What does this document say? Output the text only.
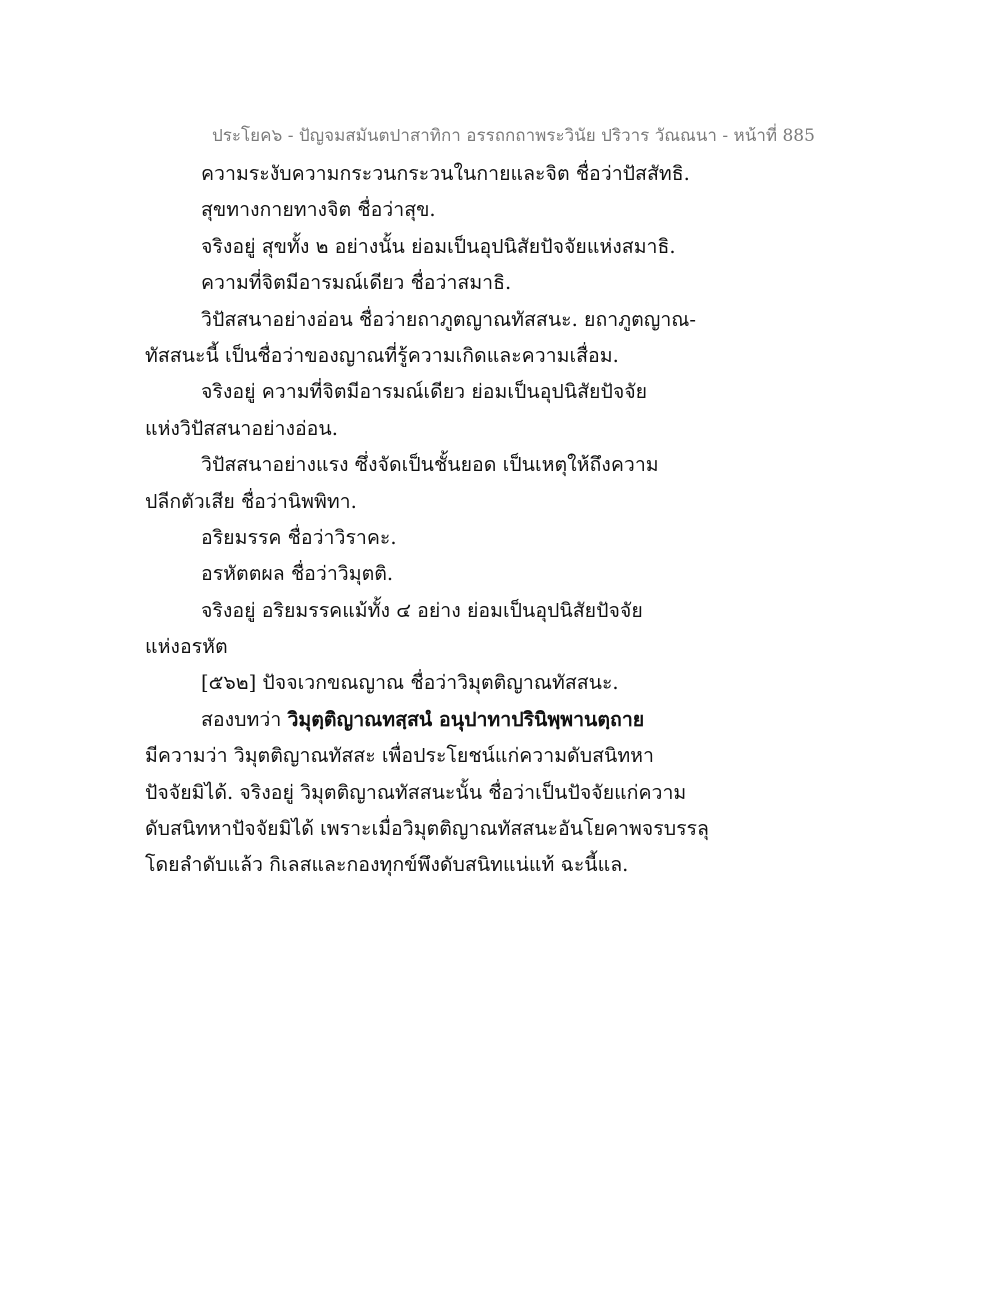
ประโยค๖ - ปัญจมสมันตปาสาทิกา อรรถกถาพระวินัย ปริวาร วัณณนา - หน้าที่ 885
ความระงับความกระวนกระวนในกายและจิต ชื่อว่าปัสสัทธิ.
สุขทางกายทางจิต ชื่อว่าสุข.
จริงอยู่ สุขทั้ง ๒ อย่างนั้น ย่อมเป็นอุปนิสัยปัจจัยแห่งสมาธิ.
ความที่จิตมีอารมณ์เดียว ชื่อว่าสมาธิ.
วิปัสสนาอย่างอ่อน ชื่อว่ายถาภูตญาณทัสสนะ. ยถาภูตญาณ-
ทัสสนะนี้ เป็นชื่อว่าของญาณที่รู้ความเกิดและความเสื่อม.
จริงอยู่ ความที่จิตมีอารมณ์เดียว ย่อมเป็นอุปนิสัยปัจจัย
แห่งวิปัสสนาอย่างอ่อน.
วิปัสสนาอย่างแรง ซึ่งจัดเป็นชั้นยอด เป็นเหตุให้ถึงความ
ปลีกตัวเสีย ชื่อว่านิพพิทา.
อริยมรรค ชื่อว่าวิราคะ.
อรหัตตผล ชื่อว่าวิมุตติ.
จริงอยู่ อริยมรรคแม้ทั้ง ๔ อย่าง ย่อมเป็นอุปนิสัยปัจจัย
แห่งอรหัต
[๕๖๒] ปัจจเวกขณญาณ ชื่อว่าวิมุตติญาณทัสสนะ.
สองบทว่า วิมุตฺติญาณทสฺสนํ อนุปาทาปรินิพฺพานตฺถาย
มีความว่า วิมุตติญาณทัสสะ เพื่อประโยชน์แก่ความดับสนิทหา
ปัจจัยมิได้. จริงอยู่ วิมุตติญาณทัสสนะนั้น ชื่อว่าเป็นปัจจัยแก่ความ
ดับสนิทหาปัจจัยมิได้ เพราะเมื่อวิมุตติญาณทัสสนะอันโยคาพจรบรรลุ
โดยลำดับแล้ว กิเลสและกองทุกข์พึงดับสนิทแน่แท้ ฉะนี้แล.
